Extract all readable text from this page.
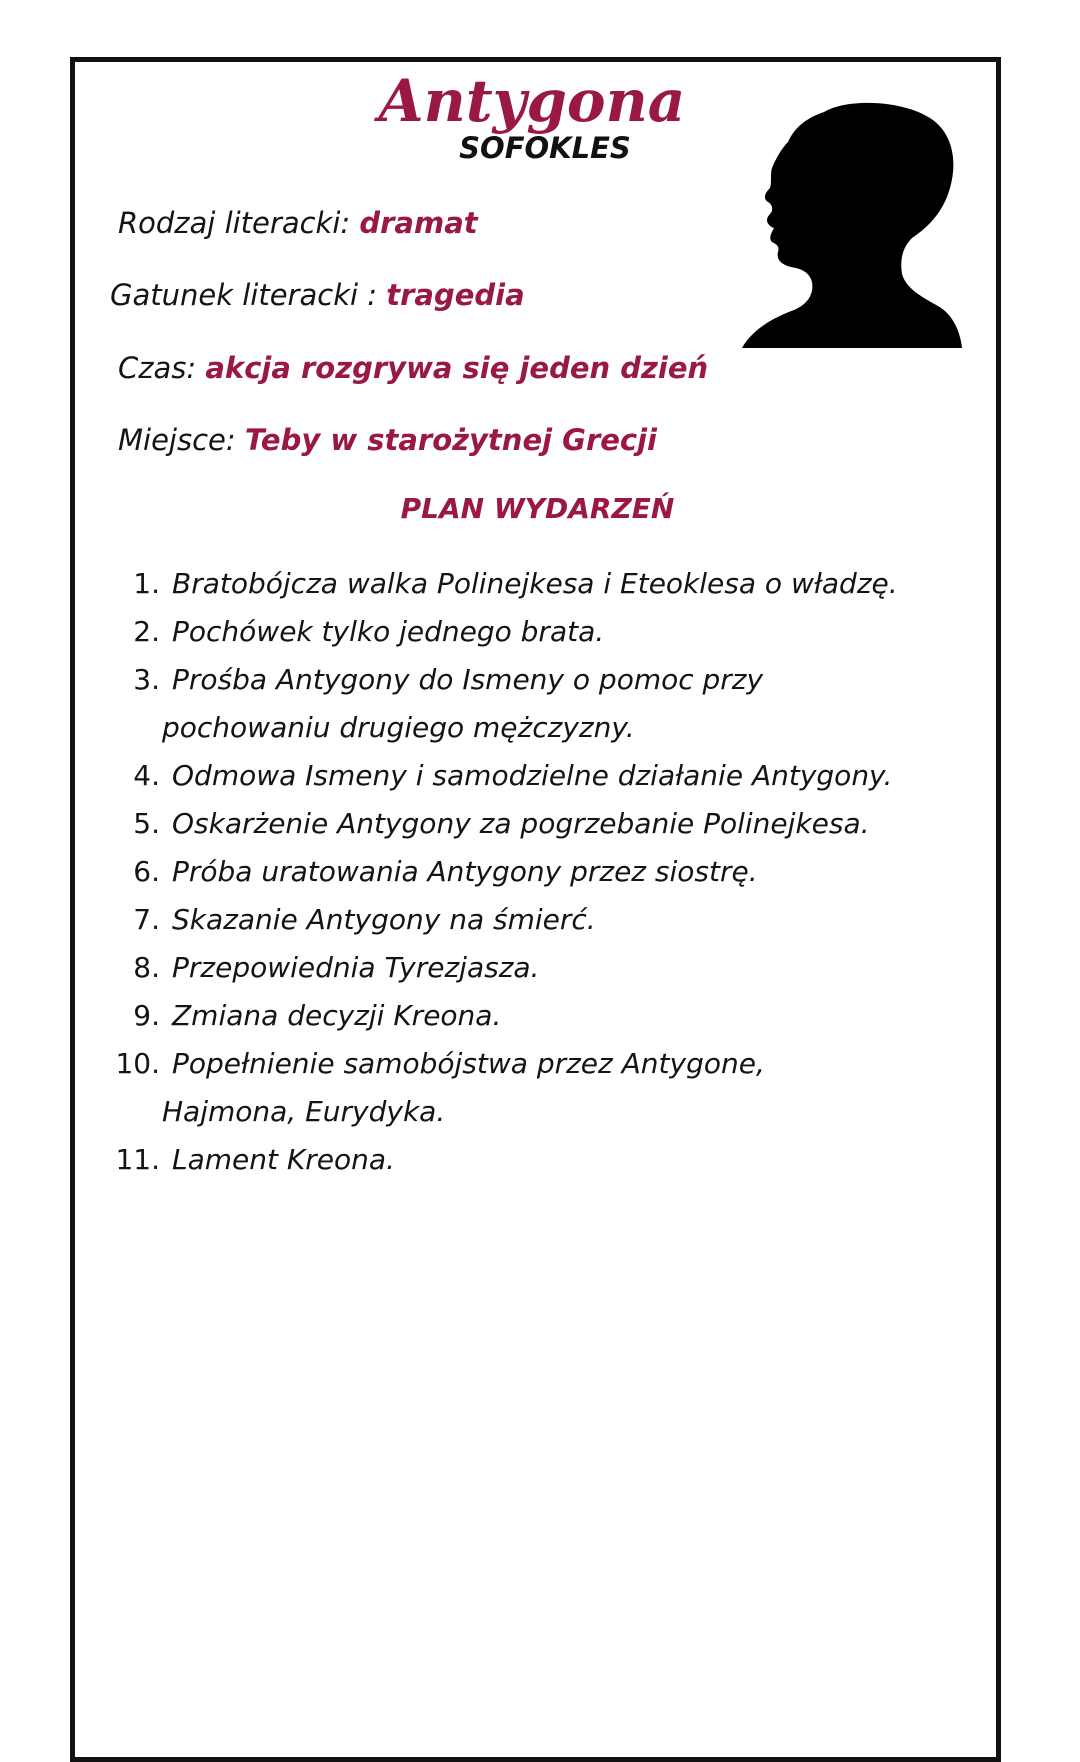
Antygona
SOFOKLES
Rodzaj literacki: dramat
Gatunek literacki : tragedia
Czas: akcja rozgrywa się jeden dzień
Miejsce: Teby w starożytnej Grecji
PLAN WYDARZEŃ
1. Bratobójcza walka Polinejkesa i Eteoklesa o władzę.
2. Pochówek tylko jednego brata.
3. Prośba Antygony do Ismeny o pomoc przy
pochowaniu drugiego mężczyzny.
4. Odmowa Ismeny i samodzielne działanie Antygony.
5. Oskarżenie Antygony za pogrzebanie Polinejkesa.
6. Próba uratowania Antygony przez siostrę.
7. Skazanie Antygony na śmierć.
8. Przepowiednia Tyrezjasza.
9. Zmiana decyzji Kreona.
10. Popełnienie samobójstwa przez Antygone,
Hajmona, Eurydyka.
11. Lament Kreona.
